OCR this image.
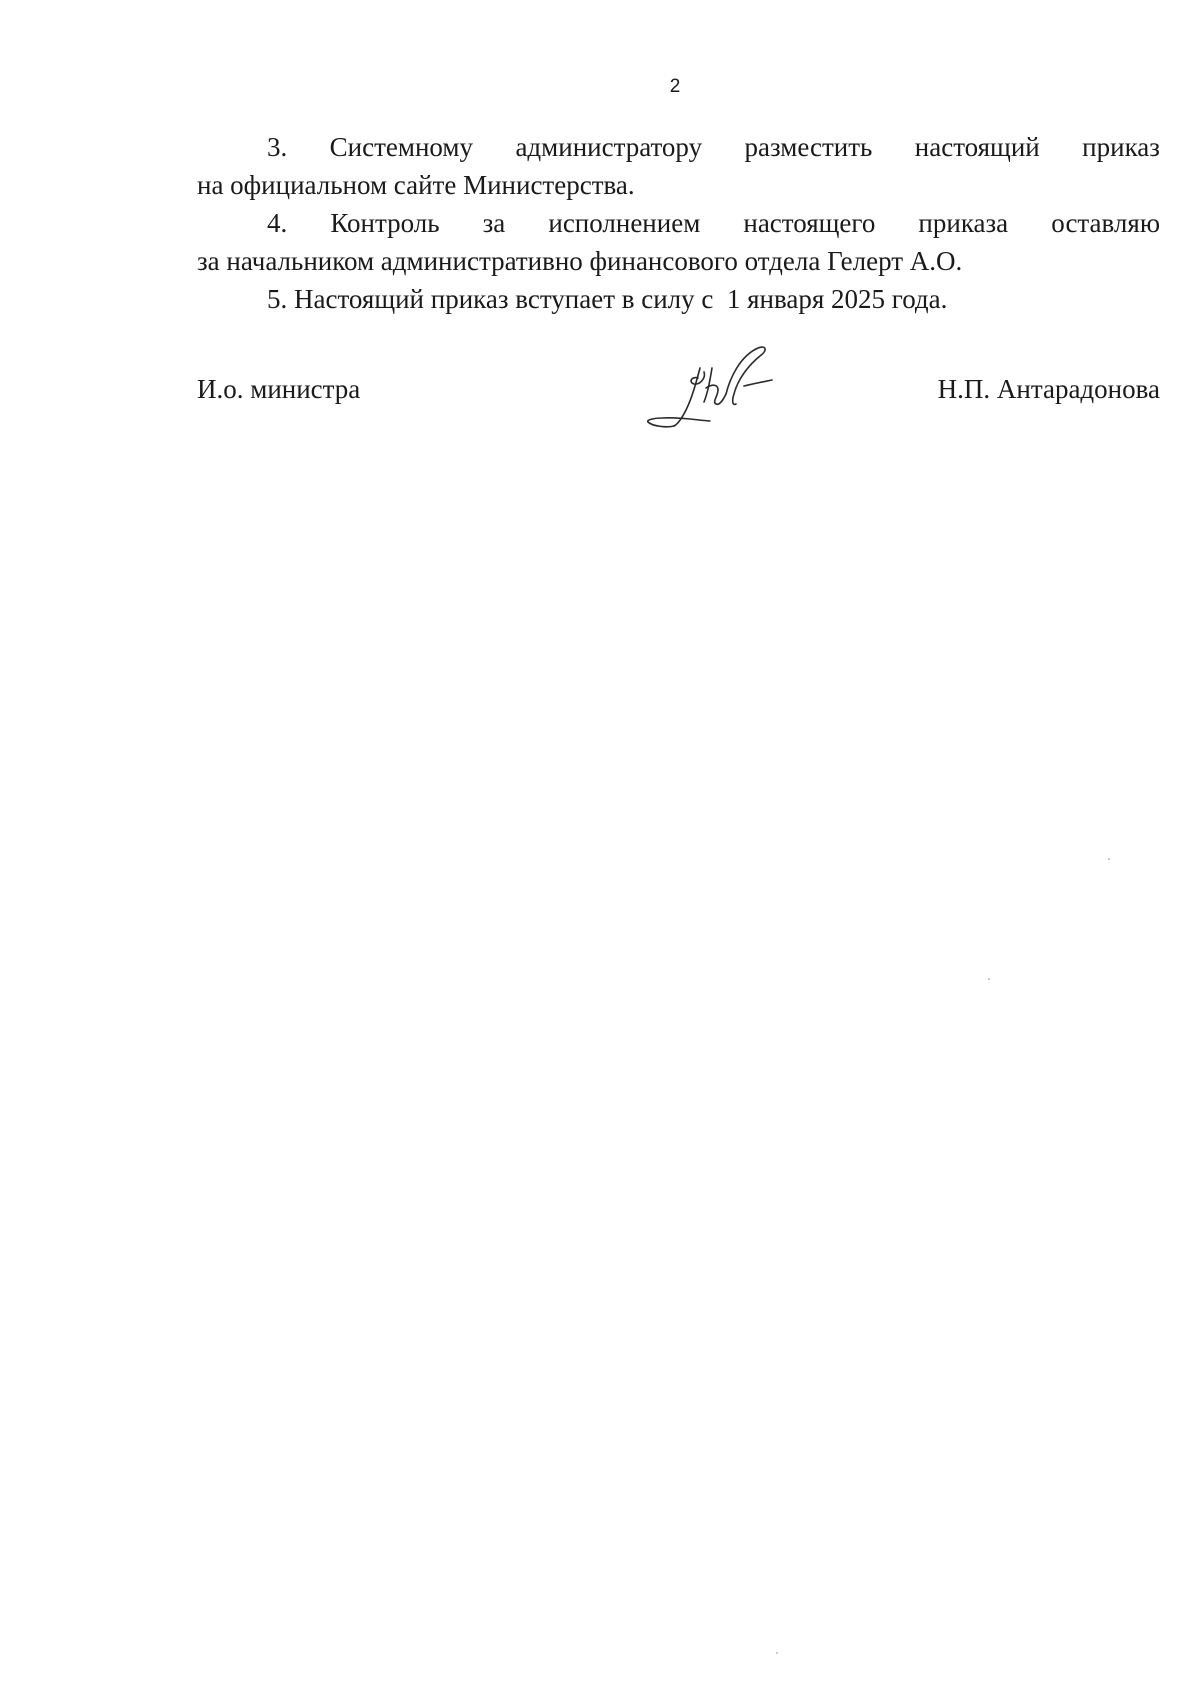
2
3. Системному администратору разместить настоящий приказ
на официальном сайте Министерства.
4. Контроль за исполнением настоящего приказа оставляю
за начальником административно финансового отдела Гелерт А.О.
5. Настоящий приказ вступает в силу с  1 января 2025 года.
И.о. министра	Н.П. Антарадонова
